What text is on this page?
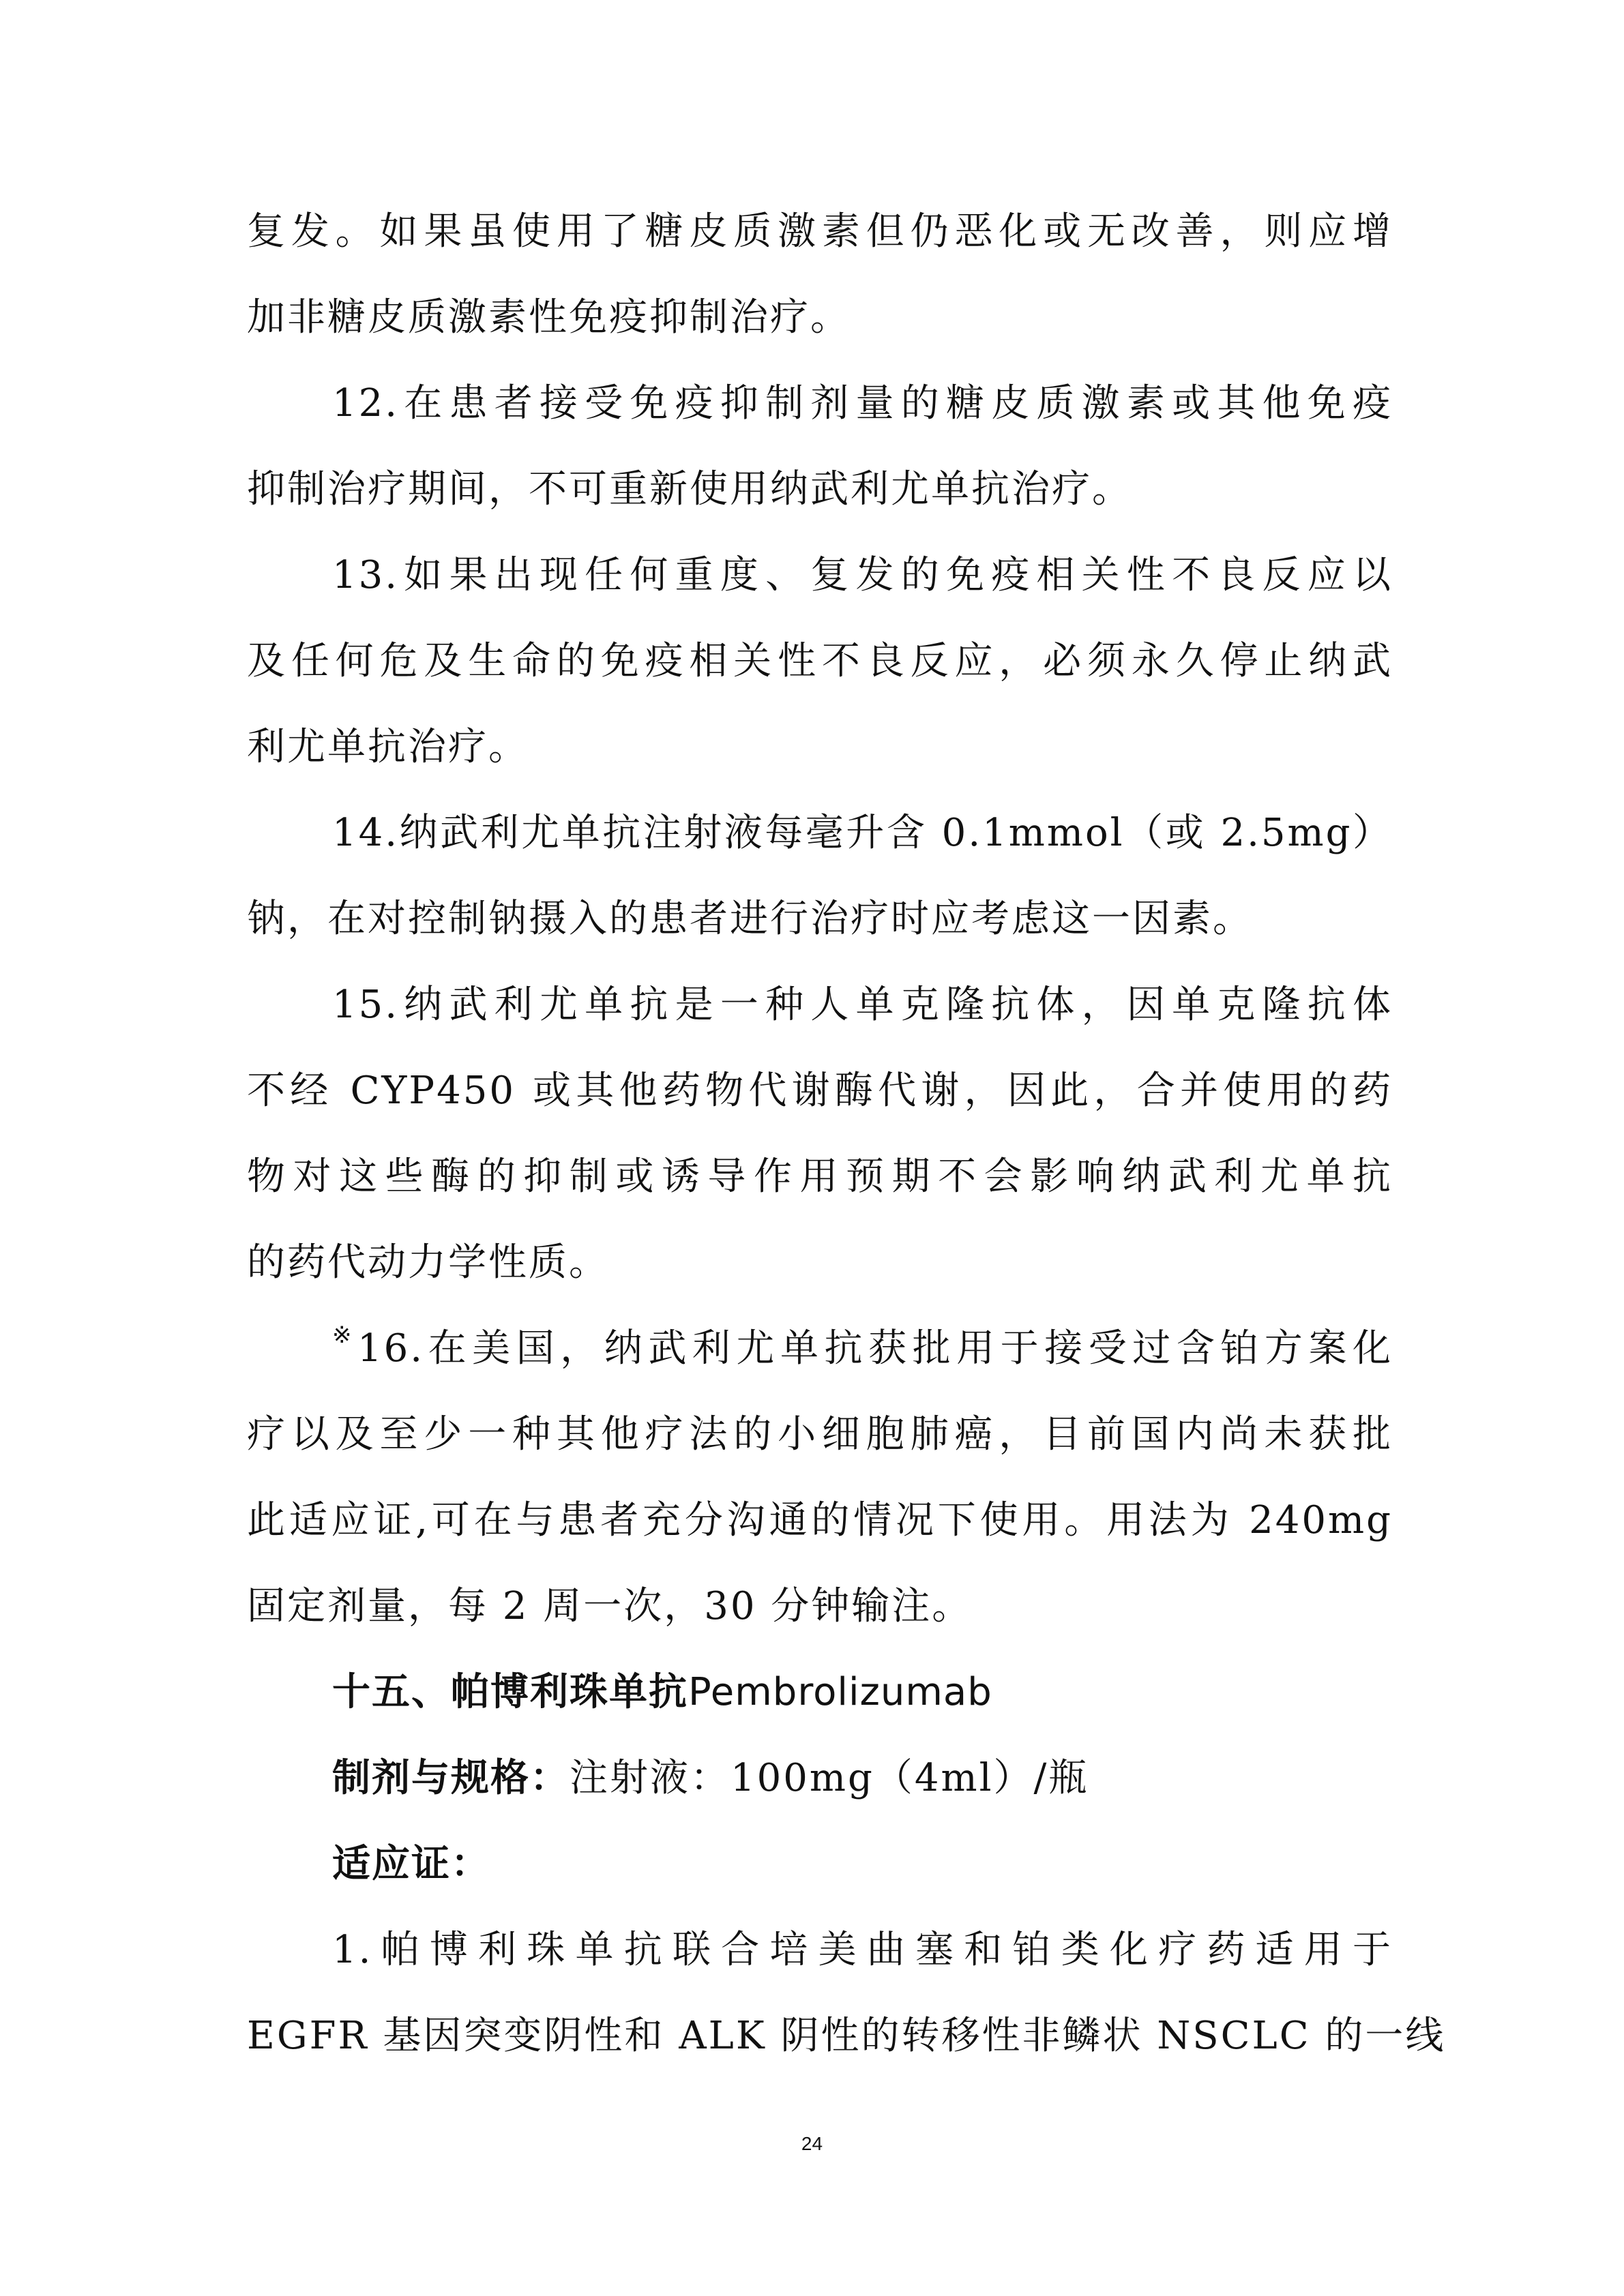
复发。如果虽使用了糖皮质激素但仍恶化或无改善，则应增
加非糖皮质激素性免疫抑制治疗。
12.在患者接受免疫抑制剂量的糖皮质激素或其他免疫
抑制治疗期间，不可重新使用纳武利尤单抗治疗。
13.如果出现任何重度、复发的免疫相关性不良反应以
及任何危及生命的免疫相关性不良反应，必须永久停止纳武
利尤单抗治疗。
14.纳武利尤单抗注射液每毫升含 0.1mmol（或 2.5mg）
钠，在对控制钠摄入的患者进行治疗时应考虑这一因素。
15.纳武利尤单抗是一种人单克隆抗体，因单克隆抗体
不经 CYP450 或其他药物代谢酶代谢，因此，合并使用的药
物对这些酶的抑制或诱导作用预期不会影响纳武利尤单抗
的药代动力学性质。
※16.在美国，纳武利尤单抗获批用于接受过含铂方案化
疗以及至少一种其他疗法的小细胞肺癌，目前国内尚未获批
此适应证,可在与患者充分沟通的情况下使用。用法为 240mg
固定剂量，每 2 周一次，30 分钟输注。
十五、帕博利珠单抗Pembrolizumab
制剂与规格：注射液：100mg（4ml）/瓶
适应证：
1.帕博利珠单抗联合培美曲塞和铂类化疗药适用于
EGFR 基因突变阴性和 ALK 阴性的转移性非鳞状 NSCLC 的一线
24
